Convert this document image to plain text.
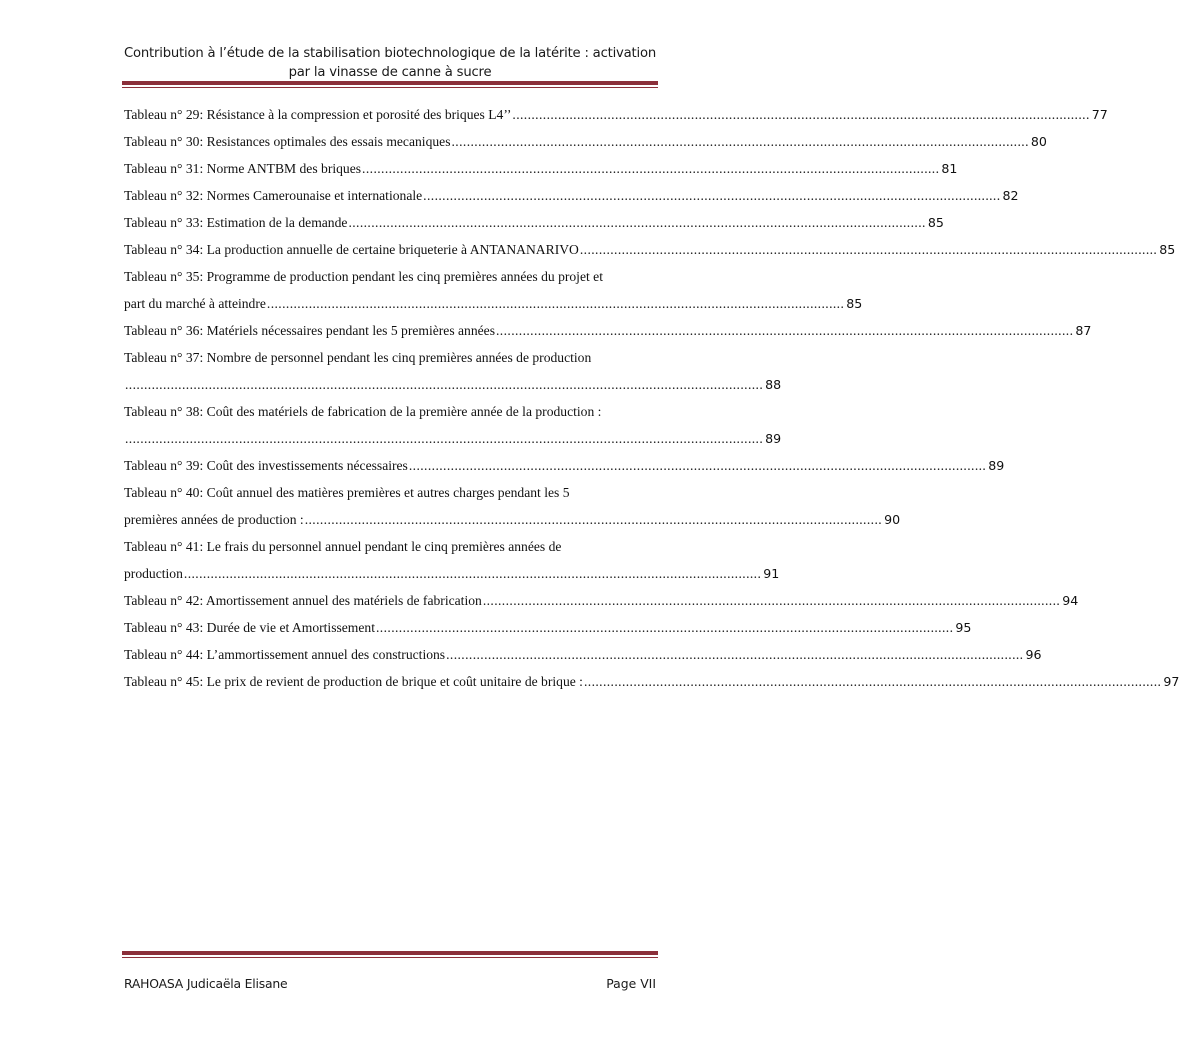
Contribution à l’étude de la stabilisation biotechnologique de la latérite : activation
par la vinasse de canne à sucre
Tableau n° 29: Résistance à la compression et porosité des briques L4’’ ........................................................................................................................................................ 77
Tableau n° 30: Resistances optimales des essais mecaniques ........................................................................................................................................................ 80
Tableau n° 31: Norme ANTBM des briques ........................................................................................................................................................ 81
Tableau n° 32: Normes Camerounaise et internationale ........................................................................................................................................................ 82
Tableau n° 33: Estimation de la demande ........................................................................................................................................................ 85
Tableau n° 34: La production annuelle de certaine briqueterie à ANTANANARIVO ........................................................................................................................................................ 85
Tableau n° 35: Programme de production pendant les cinq premières années du projet et
part du marché à atteindre ........................................................................................................................................................ 85
Tableau n° 36: Matériels nécessaires pendant les 5 premières années ........................................................................................................................................................ 87
Tableau n° 37: Nombre de personnel pendant les cinq premières années de production
........................................................................................................................................................................ 88
Tableau n° 38: Coût des matériels de fabrication de la première année de la production :
........................................................................................................................................................................ 89
Tableau n° 39: Coût des investissements nécessaires ........................................................................................................................................................ 89
Tableau n° 40: Coût annuel des matières premières et autres charges pendant les 5
premières années de production : ........................................................................................................................................................ 90
Tableau n° 41: Le frais du personnel annuel pendant le cinq premières années de
production ........................................................................................................................................................ 91
Tableau n° 42: Amortissement annuel des matériels de fabrication ........................................................................................................................................................ 94
Tableau n° 43: Durée de vie et Amortissement ........................................................................................................................................................ 95
Tableau n° 44: L’ammortissement annuel des constructions ........................................................................................................................................................ 96
Tableau n° 45: Le prix de revient de production de brique et coût unitaire de brique : ........................................................................................................................................................ 97
RAHOASA Judicaëla Elisane	Page VII
